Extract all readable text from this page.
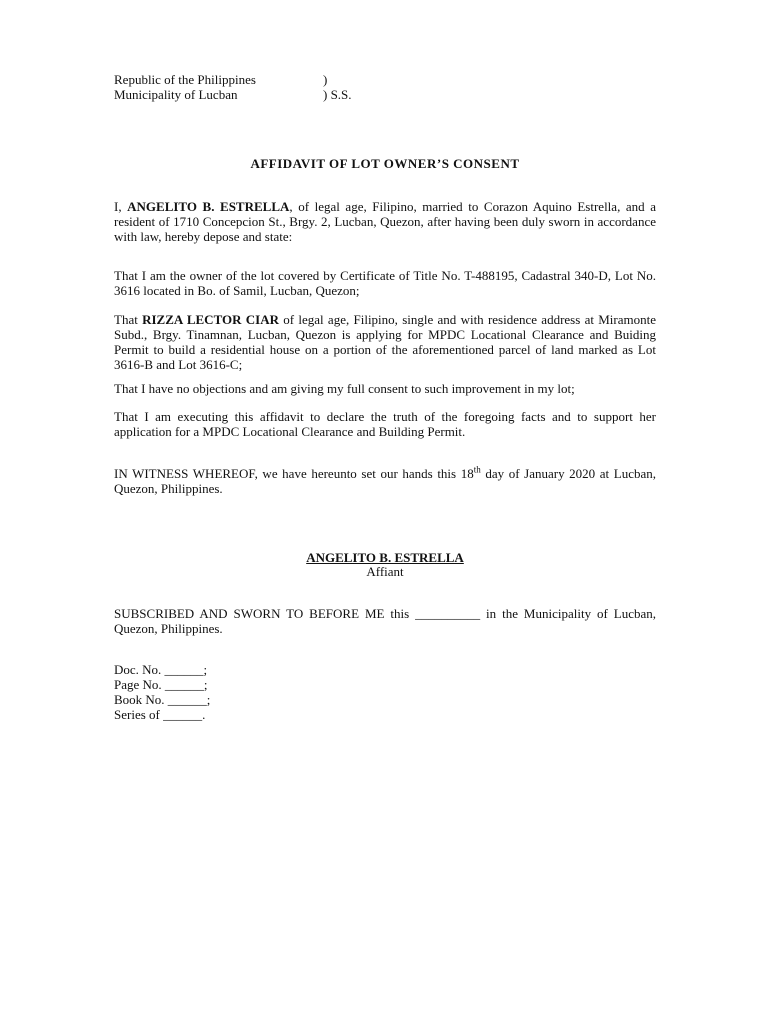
Republic of the Philippines	)
Municipality of Lucban	) S.S.
AFFIDAVIT OF LOT OWNER’S CONSENT
I, ANGELITO B. ESTRELLA, of legal age, Filipino, married to Corazon Aquino Estrella, and a resident of 1710 Concepcion St., Brgy. 2, Lucban, Quezon, after having been duly sworn in accordance with law, hereby depose and state:
That I am the owner of the lot covered by Certificate of Title No. T-488195, Cadastral 340-D, Lot No. 3616 located in Bo. of Samil, Lucban, Quezon;
That RIZZA LECTOR CIAR of legal age, Filipino, single and with residence address at Miramonte Subd., Brgy. Tinamnan, Lucban, Quezon is applying for MPDC Locational Clearance and Buiding Permit to build a residential house on a portion of the aforementioned parcel of land marked as Lot 3616-B and Lot 3616-C;
That I have no objections and am giving my full consent to such improvement in my lot;
That I am executing this affidavit to declare the truth of the foregoing facts and to support her application for a MPDC Locational Clearance and Building Permit.
IN WITNESS WHEREOF, we have hereunto set our hands this 18th day of January 2020 at Lucban, Quezon, Philippines.
ANGELITO B. ESTRELLA
Affiant
SUBSCRIBED AND SWORN TO BEFORE ME this __________ in the Municipality of Lucban, Quezon, Philippines.
Doc. No. ______;
Page No. ______;
Book No. ______;
Series of ______.
